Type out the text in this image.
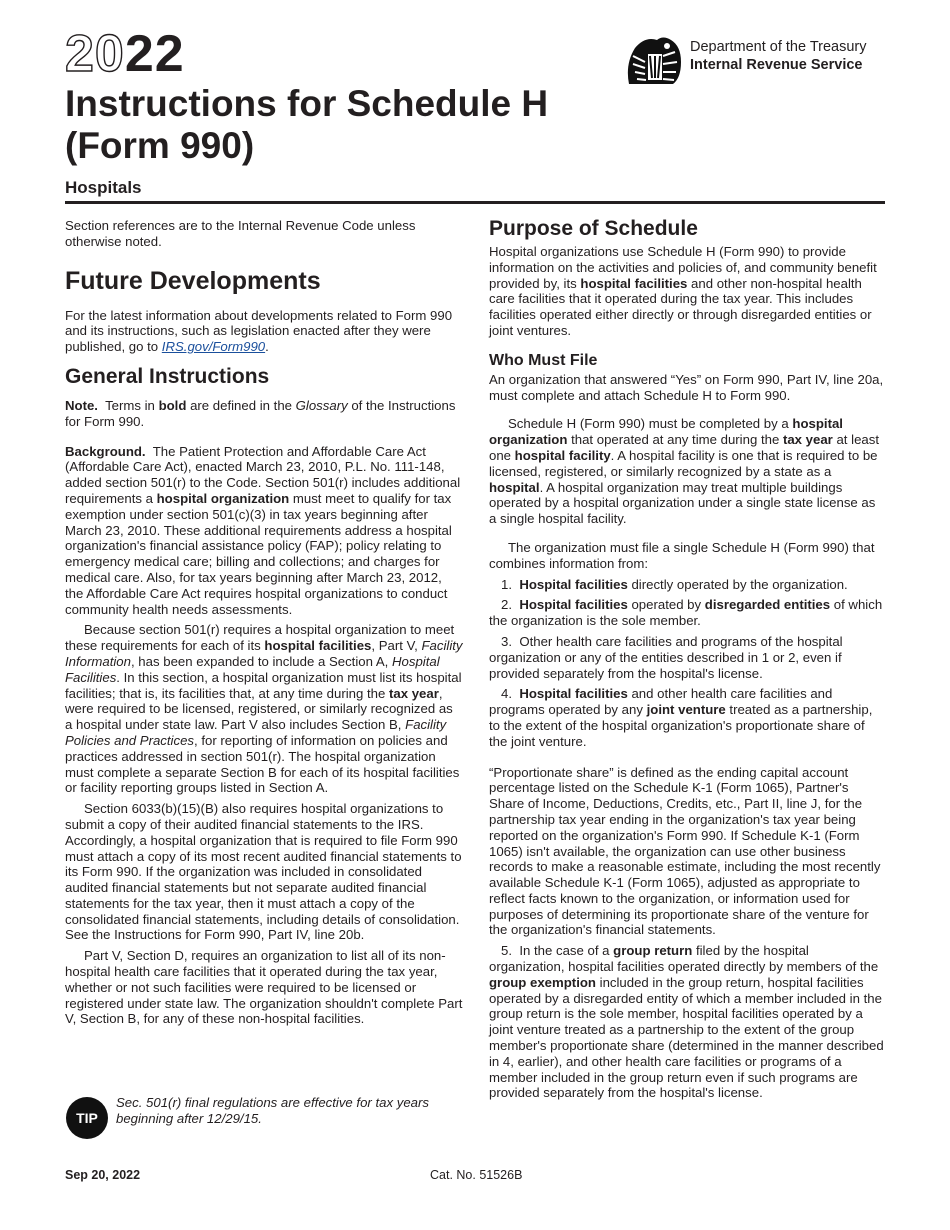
2022
Instructions for Schedule H
(Form 990)
Hospitals
Department of the Treasury
Internal Revenue Service

Section references are to the Internal Revenue Code unless otherwise noted.

Future Developments

For the latest information about developments related to Form 990 and its instructions, such as legislation enacted after they were published, go to IRS.gov/Form990.

General Instructions

Note. Terms in bold are defined in the Glossary of the Instructions for Form 990.

Background. The Patient Protection and Affordable Care Act (Affordable Care Act), enacted March 23, 2010, P.L. No. 111-148, added section 501(r) to the Code. Section 501(r) includes additional requirements a hospital organization must meet to qualify for tax exemption under section 501(c)(3) in tax years beginning after March 23, 2010. These additional requirements address a hospital organization's financial assistance policy (FAP); policy relating to emergency medical care; billing and collections; and charges for medical care. Also, for tax years beginning after March 23, 2012, the Affordable Care Act requires hospital organizations to conduct community health needs assessments.

Because section 501(r) requires a hospital organization to meet these requirements for each of its hospital facilities, Part V, Facility Information, has been expanded to include a Section A, Hospital Facilities. In this section, a hospital organization must list its hospital facilities; that is, its facilities that, at any time during the tax year, were required to be licensed, registered, or similarly recognized as a hospital under state law. Part V also includes Section B, Facility Policies and Practices, for reporting of information on policies and practices addressed in section 501(r). The hospital organization must complete a separate Section B for each of its hospital facilities or facility reporting groups listed in Section A.

Section 6033(b)(15)(B) also requires hospital organizations to submit a copy of their audited financial statements to the IRS. Accordingly, a hospital organization that is required to file Form 990 must attach a copy of its most recent audited financial statements to its Form 990. If the organization was included in consolidated audited financial statements but not separate audited financial statements for the tax year, then it must attach a copy of the consolidated financial statements, including details of consolidation. See the Instructions for Form 990, Part IV, line 20b.

Part V, Section D, requires an organization to list all of its non-hospital health care facilities that it operated during the tax year, whether or not such facilities were required to be licensed or registered under state law. The organization shouldn't complete Part V, Section B, for any of these non-hospital facilities.

TIP
Sec. 501(r) final regulations are effective for tax years beginning after 12/29/15.
Purpose of Schedule

Hospital organizations use Schedule H (Form 990) to provide information on the activities and policies of, and community benefit provided by, its hospital facilities and other non-hospital health care facilities that it operated during the tax year. This includes facilities operated either directly or through disregarded entities or joint ventures.

Who Must File

An organization that answered “Yes” on Form 990, Part IV, line 20a, must complete and attach Schedule H to Form 990.

Schedule H (Form 990) must be completed by a hospital organization that operated at any time during the tax year at least one hospital facility. A hospital facility is one that is required to be licensed, registered, or similarly recognized by a state as a hospital. A hospital organization may treat multiple buildings operated by a hospital organization under a single state license as a single hospital facility.

The organization must file a single Schedule H (Form 990) that combines information from:

1. Hospital facilities directly operated by the organization.

2. Hospital facilities operated by disregarded entities of which the organization is the sole member.

3. Other health care facilities and programs of the hospital organization or any of the entities described in 1 or 2, even if provided separately from the hospital's license.

4. Hospital facilities and other health care facilities and programs operated by any joint venture treated as a partnership, to the extent of the hospital organization's proportionate share of the joint venture.

“Proportionate share” is defined as the ending capital account percentage listed on the Schedule K-1 (Form 1065), Partner's Share of Income, Deductions, Credits, etc., Part II, line J, for the partnership tax year ending in the organization's tax year being reported on the organization's Form 990. If Schedule K-1 (Form 1065) isn't available, the organization can use other business records to make a reasonable estimate, including the most recently available Schedule K-1 (Form 1065), adjusted as appropriate to reflect facts known to the organization, or information used for purposes of determining its proportionate share of the venture for the organization's financial statements.

5. In the case of a group return filed by the hospital organization, hospital facilities operated directly by members of the group exemption included in the group return, hospital facilities operated by a disregarded entity of which a member included in the group return is the sole member, hospital facilities operated by a joint venture treated as a partnership to the extent of the group member's proportionate share (determined in the manner described in 4, earlier), and other health care facilities or programs of a member included in the group return even if such programs are provided separately from the hospital's license.

Sep 20, 2022	Cat. No. 51526B
